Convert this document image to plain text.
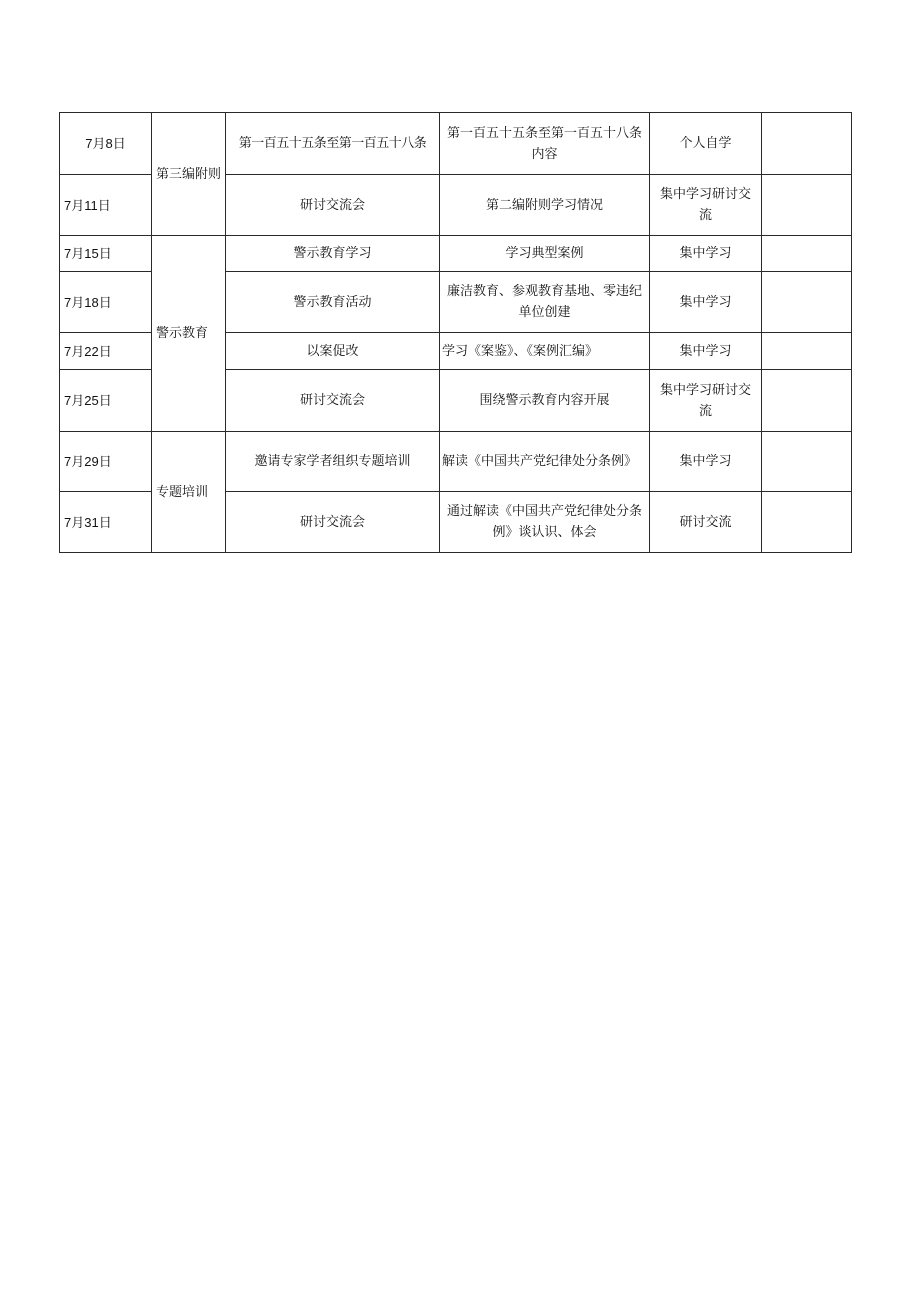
7月8日	第三编附则	第一百五十五条至第一百五十八条	第一百五十五条至第一百五十八条内容	个人自学	
7月11日		研讨交流会	第二编附则学习情况	集中学习研讨交流	
7月15日	警示教育	警示教育学习	学习典型案例	集中学习	
7月18日		警示教育活动	廉洁教育、参观教育基地、零违纪单位创建	集中学习	
7月22日		以案促改	学习《案鉴》、《案例汇编》	集中学习	
7月25日		研讨交流会	围绕警示教育内容开展	集中学习研讨交流	
7月29日	专题培训	邀请专家学者组织专题培训	解读《中国共产党纪律处分条例》	集中学习	
7月31日		研讨交流会	通过解读《中国共产党纪律处分条例》谈认识、体会	研讨交流	
